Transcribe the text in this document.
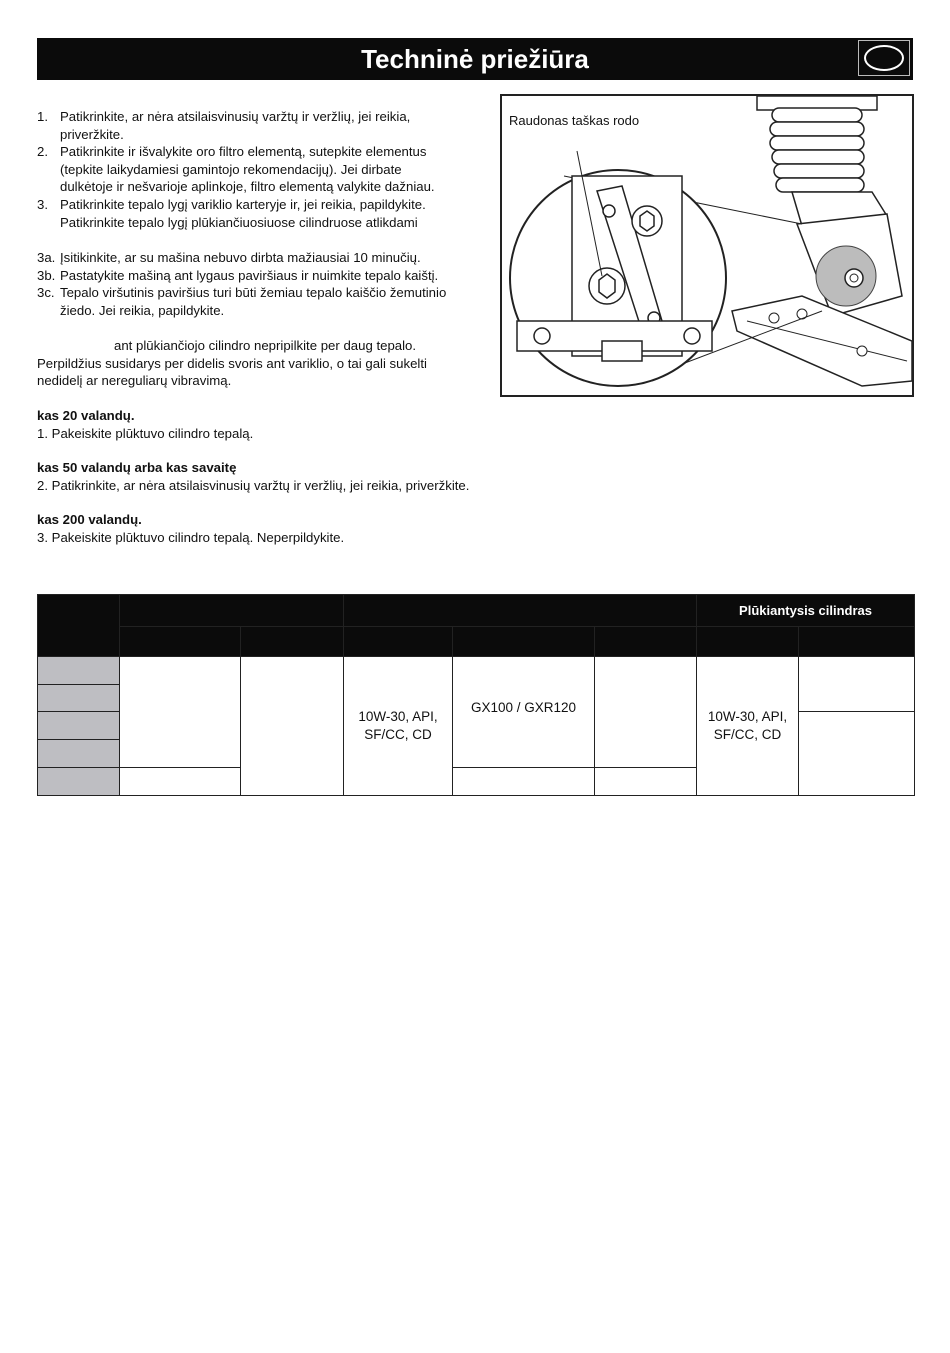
Techninė priežiūra
1. Patikrinkite, ar nėra atsilaisvinusių varžtų ir veržlių, jei reikia,
priveržkite.
2. Patikrinkite ir išvalykite oro filtro elementą, sutepkite elementus
(tepkite laikydamiesi gamintojo rekomendacijų). Jei dirbate
dulkėtoje ir nešvarioje aplinkoje, filtro elementą valykite dažniau.
3. Patikrinkite tepalo lygį variklio karteryje ir, jei reikia, papildykite.
Patikrinkite tepalo lygį plūkiančiuosiuose cilindruose atlikdami
3a. Įsitikinkite, ar su mašina nebuvo dirbta mažiausiai 10 minučių.
3b. Pastatykite mašiną ant lygaus paviršiaus ir nuimkite tepalo kaištį.
3c. Tepalo viršutinis paviršius turi būti žemiau tepalo kaiščio žemutinio
žiedo. Jei reikia, papildykite.
ant plūkiančiojo cilindro nepripilkite per daug tepalo.
Perpildžius susidarys per didelis svoris ant variklio, o tai gali sukelti
nedidelį ar nereguliarų vibravimą.
kas 20 valandų.
1. Pakeiskite plūktuvo cilindro tepalą.
kas 50 valandų arba kas savaitę
2. Patikrinkite, ar nėra atsilaisvinusių varžtų ir veržlių, jei reikia, priveržkite.
kas 200 valandų.
3. Pakeiskite plūktuvo cilindro tepalą. Neperpildykite.
Raudonas taškas rodo
						Plūkiantysis cilindras	

			10W-30, API, SF/CC, CD	GX100 / GXR120		10W-30, API, SF/CC, CD	
